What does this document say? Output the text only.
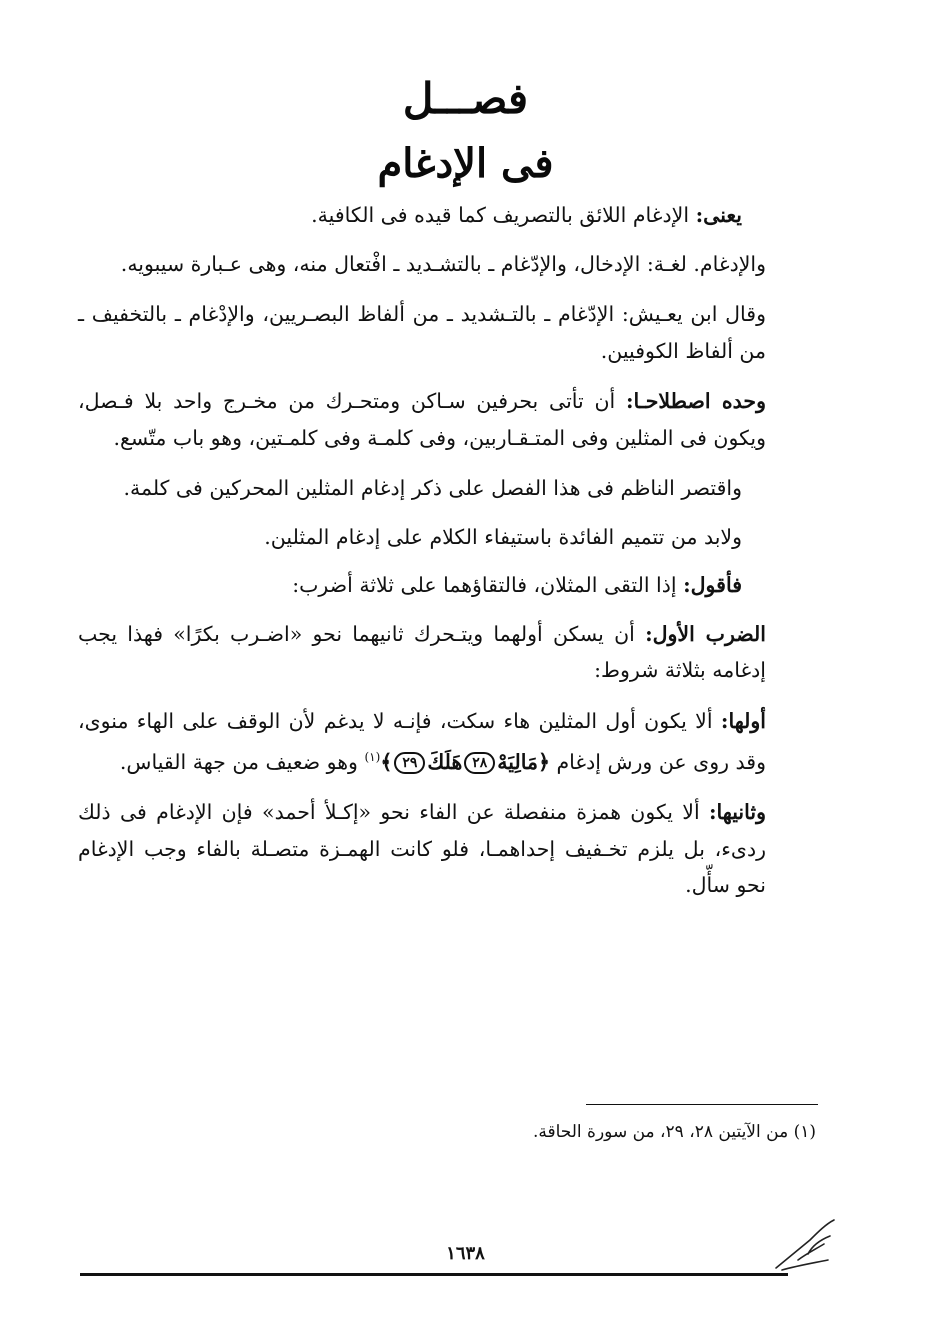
فصـــل
فى الإدغام

يعنى: الإدغام اللائق بالتصريف كما قيده فى الكافية.

والإدغام. لغـة: الإدخال، والإدّغام ـ بالتشـديد ـ افْتعال منه، وهى عـبارة سيبويه.

وقال ابن يعـيش: الإدّغام ـ بالتـشديد ـ من ألفاظ البصـريين، والإدْغام ـ بالتخفيف ـ من ألفاظ الكوفيين.

وحده اصطلاحـا: أن تأتى بحرفين سـاكن ومتحـرك من مخـرج واحد بلا فـصل، ويكون فى المثلين وفى المتـقـاربين، وفى كلمـة وفى كلمـتين، وهو باب متّسع.

واقتصر الناظم فى هذا الفصل على ذكر إدغام المثلين المحركين فى كلمة.

ولابد من تتميم الفائدة باستيفاء الكلام على إدغام المثلين.

فأقول: إذا التقى المثلان، فالتقاؤهما على ثلاثة أضرب:

الضرب الأول: أن يسكن أولهما ويتـحرك ثانيهما نحو «اضـرب بكرًا» فهذا يجب إدغامه بثلاثة شروط:

أولها: ألا يكون أول المثلين هاء سكت، فإنـه لا يدغم لأن الوقف على الهاء منوى، وقد روى عن ورش إدغام ﴿مَالِيَهْ٢٨هَلَكَ٢٩﴾$^{(١)}$ وهو ضعيف من جهة القياس.

وثانيها: ألا يكون همزة منفصلة عن الفاء نحو «إكـلأ أحمد» فإن الإدغام فى ذلك ردىء، بل يلزم تخـفيف إحداهمـا، فلو كانت الهمـزة متصـلة بالفاء وجب الإدغام نحو سأّل.

(١) من الآيتين ٢٨، ٢٩، من سورة الحاقة.
١٦٣٨
